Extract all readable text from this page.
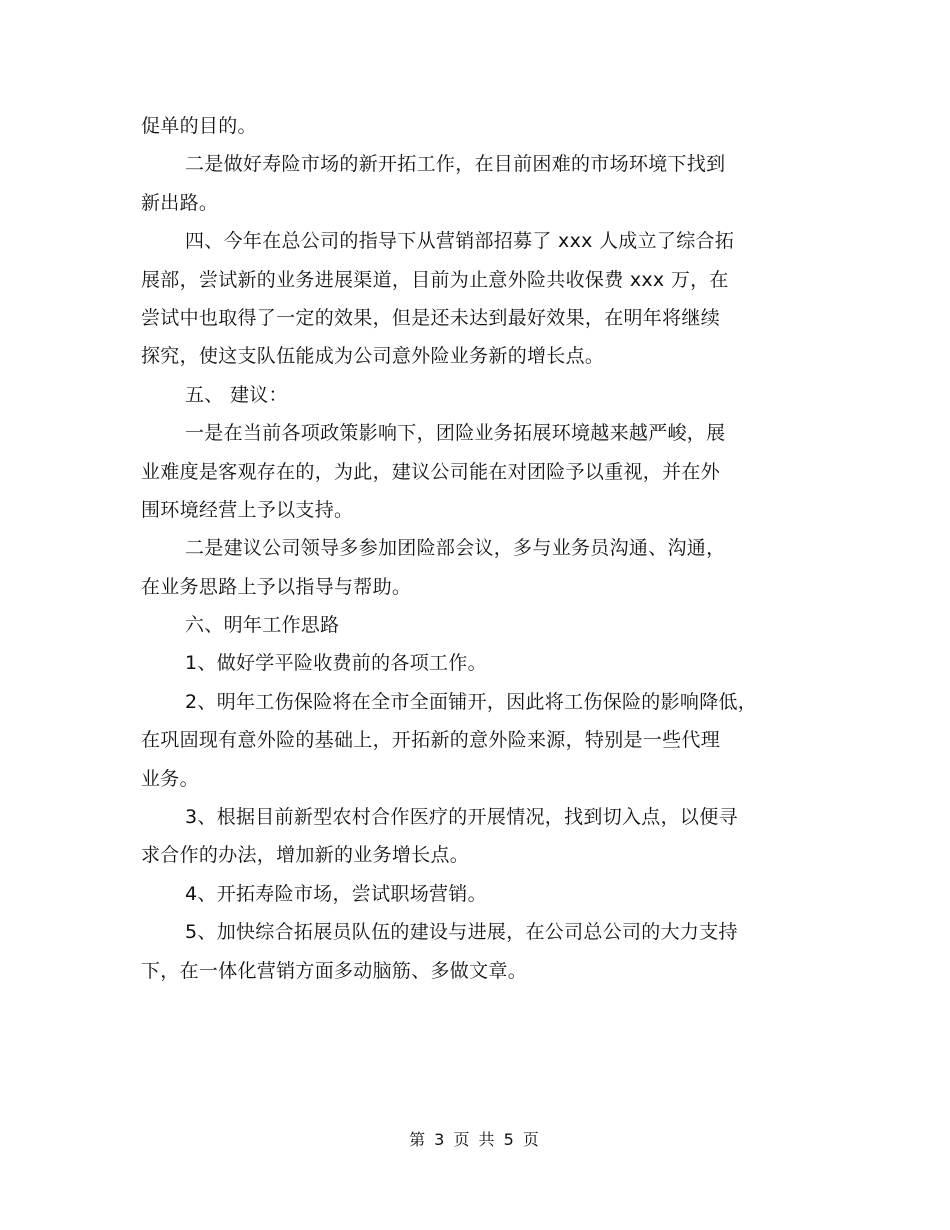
促单的目的。
二是做好寿险市场的新开拓工作，在目前困难的市场环境下找到
新出路。
四、今年在总公司的指导下从营销部招募了 xxx 人成立了综合拓
展部，尝试新的业务进展渠道，目前为止意外险共收保费 xxx 万，在
尝试中也取得了一定的效果，但是还未达到最好效果，在明年将继续
探究，使这支队伍能成为公司意外险业务新的增长点。
五、 建议：
一是在当前各项政策影响下，团险业务拓展环境越来越严峻，展
业难度是客观存在的，为此，建议公司能在对团险予以重视，并在外
围环境经营上予以支持。
二是建议公司领导多参加团险部会议，多与业务员沟通、沟通，
在业务思路上予以指导与帮助。
六、明年工作思路
1、做好学平险收费前的各项工作。
2、明年工伤保险将在全市全面铺开，因此将工伤保险的影响降低，
在巩固现有意外险的基础上，开拓新的意外险来源，特别是一些代理
业务。
3、根据目前新型农村合作医疗的开展情况，找到切入点，以便寻
求合作的办法，增加新的业务增长点。
4、开拓寿险市场，尝试职场营销。
5、加快综合拓展员队伍的建设与进展，在公司总公司的大力支持
下，在一体化营销方面多动脑筋、多做文章。
第 3 页 共 5 页
